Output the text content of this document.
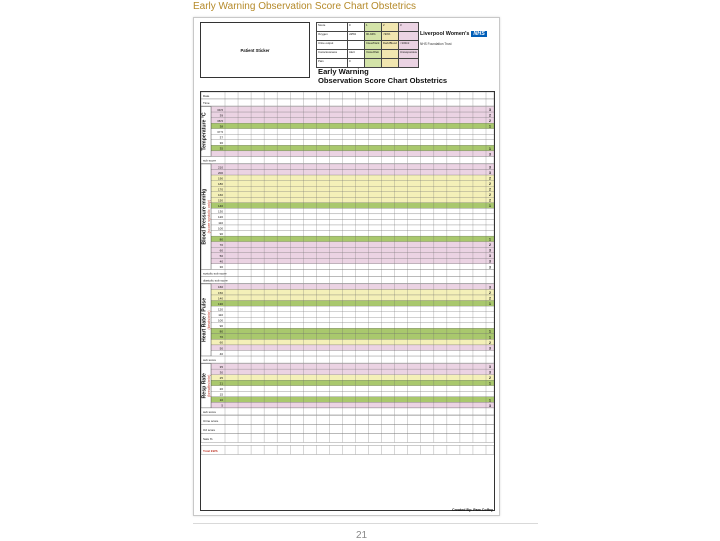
Early Warning Observation Score Chart Obstetrics
Patient Sticker
Score	0	1	2	3
Oxygen	≥95%	90-94%	<90%	
Urine output		Clear/Dark	Dark/Blood	<100ml
Consciousness	Alert	Voice/Pain		Unresponsive
Pain	0			
Liverpool Women's NHS
NHS Foundation Trust
Early Warning
Observation Score Chart Obstetrics
Date
Time
39.5	3
39	2
38.5	2
38	1
37.5
37
36
35	1
3
Temperature °C
sub score
210	3
200	3
190	2
180	2
170	2
160	2
150	2
140	1
130
120
110
100
90
80	1
70	2
60	3
50	3
40	3
30	3
Blood Pressure mmHg (score systolic only)
systolic sub score
diastolic sub score
160	3
150	2
140	2
130	1
120
110
100
90
80	1
70	1
60	2
50	3
40
Heart Rate / Pulse (beats/min)
sub score
35	3
30	3
25	2
21	1
20
15
10	1
5	3
Resp Rate (breaths/min)
sub score
Urine score
O2 score
Sats %
Total EWS
Created By: Pam Coffey
21
